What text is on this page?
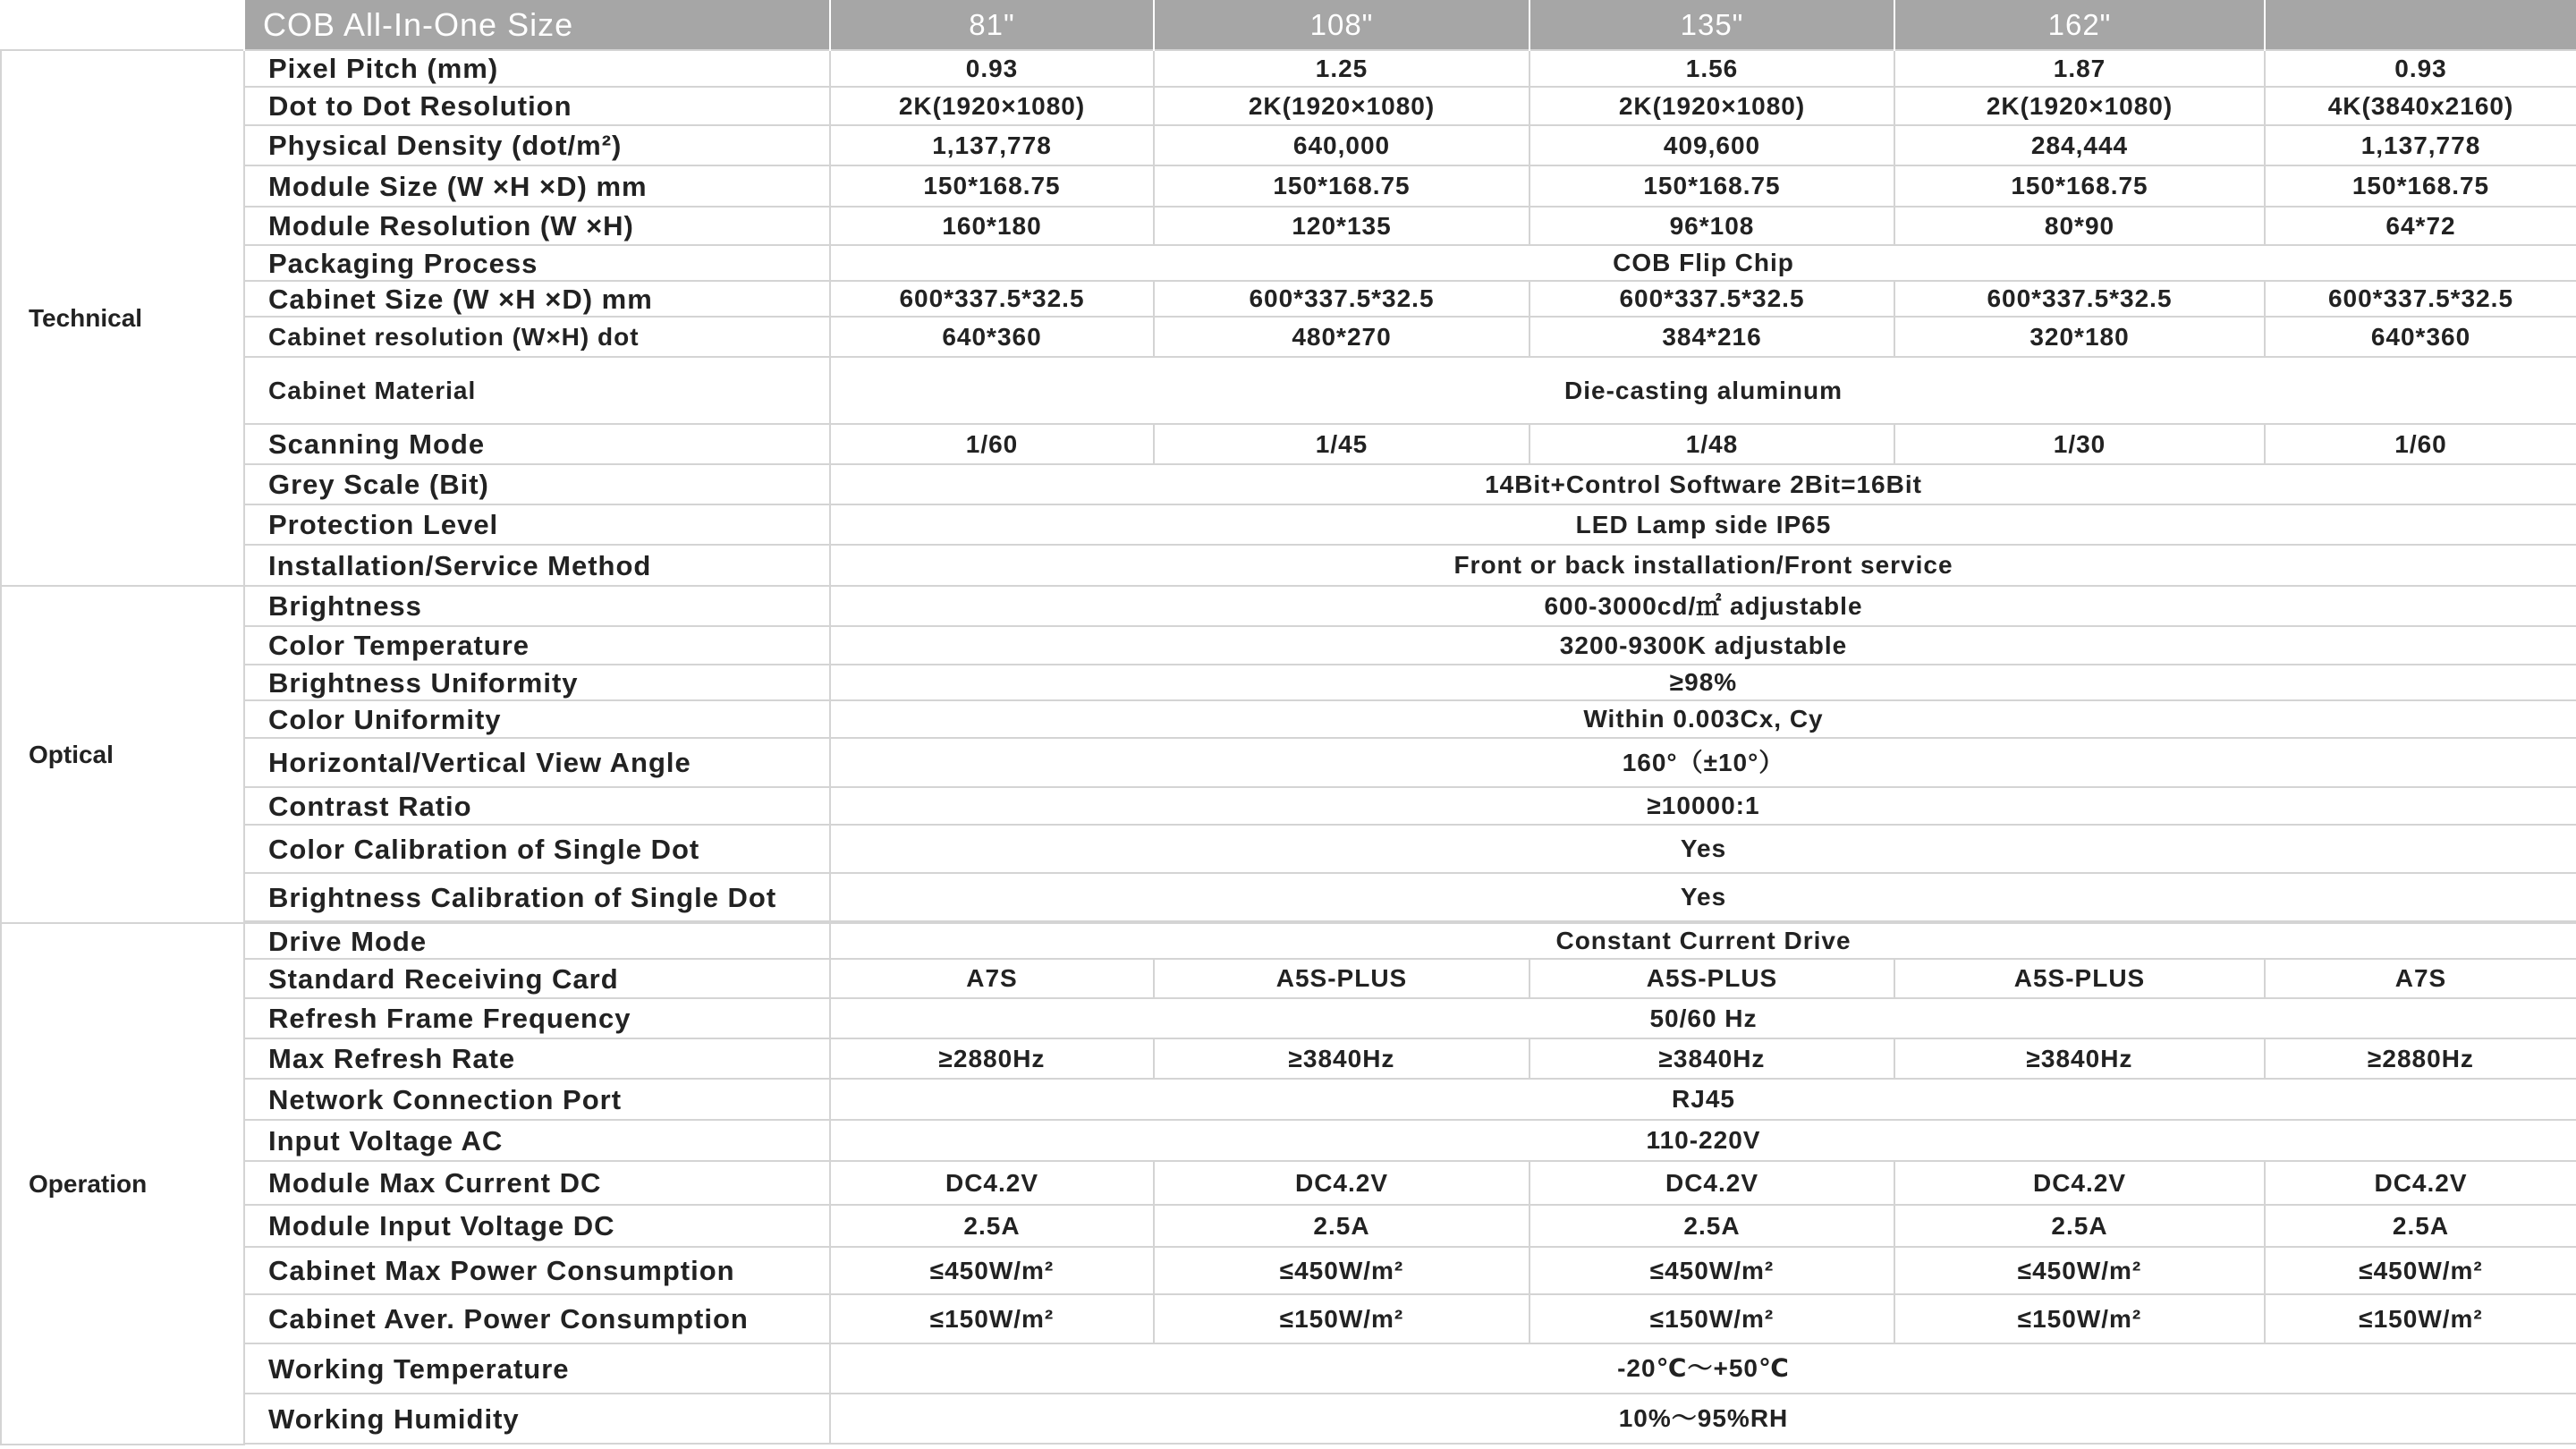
	COB All-In-One Size	81"	108"	135"	162"	
Technical	Pixel Pitch (mm)	0.93	1.25	1.56	1.87	0.93
	Dot to Dot Resolution	2K(1920×1080)	2K(1920×1080)	2K(1920×1080)	2K(1920×1080)	4K(3840x2160)
	Physical Density (dot/m²)	1,137,778	640,000	409,600	284,444	1,137,778
	Module Size (W ×H ×D) mm	150*168.75	150*168.75	150*168.75	150*168.75	150*168.75
	Module Resolution (W ×H)	160*180	120*135	96*108	80*90	64*72
	Packaging Process	COB Flip Chip				
	Cabinet Size (W ×H ×D) mm	600*337.5*32.5	600*337.5*32.5	600*337.5*32.5	600*337.5*32.5	600*337.5*32.5
	Cabinet resolution (W×H) dot	640*360	480*270	384*216	320*180	640*360
	Cabinet Material	Die-casting aluminum				
	Scanning Mode	1/60	1/45	1/48	1/30	1/60
	Grey Scale (Bit)	14Bit+Control Software 2Bit=16Bit				
	Protection Level	LED Lamp side IP65				
	Installation/Service Method	Front or back installation/Front service				
Optical	Brightness	600-3000cd/㎡ adjustable				
	Color Temperature	3200-9300K adjustable				
	Brightness Uniformity	≥98%				
	Color Uniformity	Within 0.003Cx, Cy				
	Horizontal/Vertical View Angle	160°（±10°）				
	Contrast Ratio	≥10000:1				
	Color Calibration of Single Dot	Yes				
	Brightness Calibration of Single Dot	Yes				

Operation	Drive Mode	Constant Current Drive				
	Standard Receiving Card	A7S	A5S-PLUS	A5S-PLUS	A5S-PLUS	A7S
	Refresh Frame Frequency	50/60 Hz				
	Max Refresh Rate	≥2880Hz	≥3840Hz	≥3840Hz	≥3840Hz	≥2880Hz
	Network Connection Port	RJ45				
	Input Voltage AC	110-220V				
	Module Max Current DC	DC4.2V	DC4.2V	DC4.2V	DC4.2V	DC4.2V
	Module Input Voltage DC	2.5A	2.5A	2.5A	2.5A	2.5A
	Cabinet Max Power Consumption	≤450W/m²	≤450W/m²	≤450W/m²	≤450W/m²	≤450W/m²
	Cabinet Aver. Power Consumption	≤150W/m²	≤150W/m²	≤150W/m²	≤150W/m²	≤150W/m²
	Working Temperature	-20℃～+50℃				
	Working Humidity	10%～95%RH				
